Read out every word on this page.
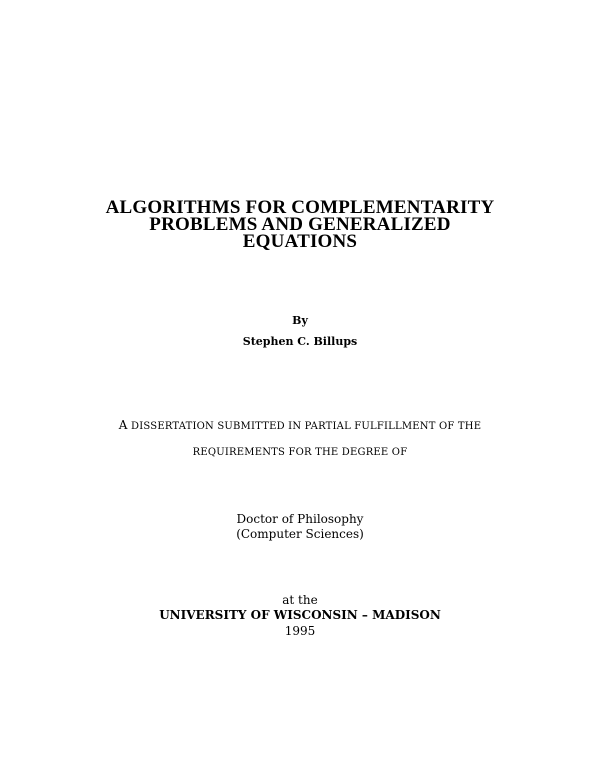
ALGORITHMS FOR COMPLEMENTARITY
PROBLEMS AND GENERALIZED
EQUATIONS
By
Stephen C. Billups
A DISSERTATION SUBMITTED IN PARTIAL FULFILLMENT OF THE
REQUIREMENTS FOR THE DEGREE OF
Doctor of Philosophy
(Computer Sciences)
at the
UNIVERSITY OF WISCONSIN – MADISON
1995
